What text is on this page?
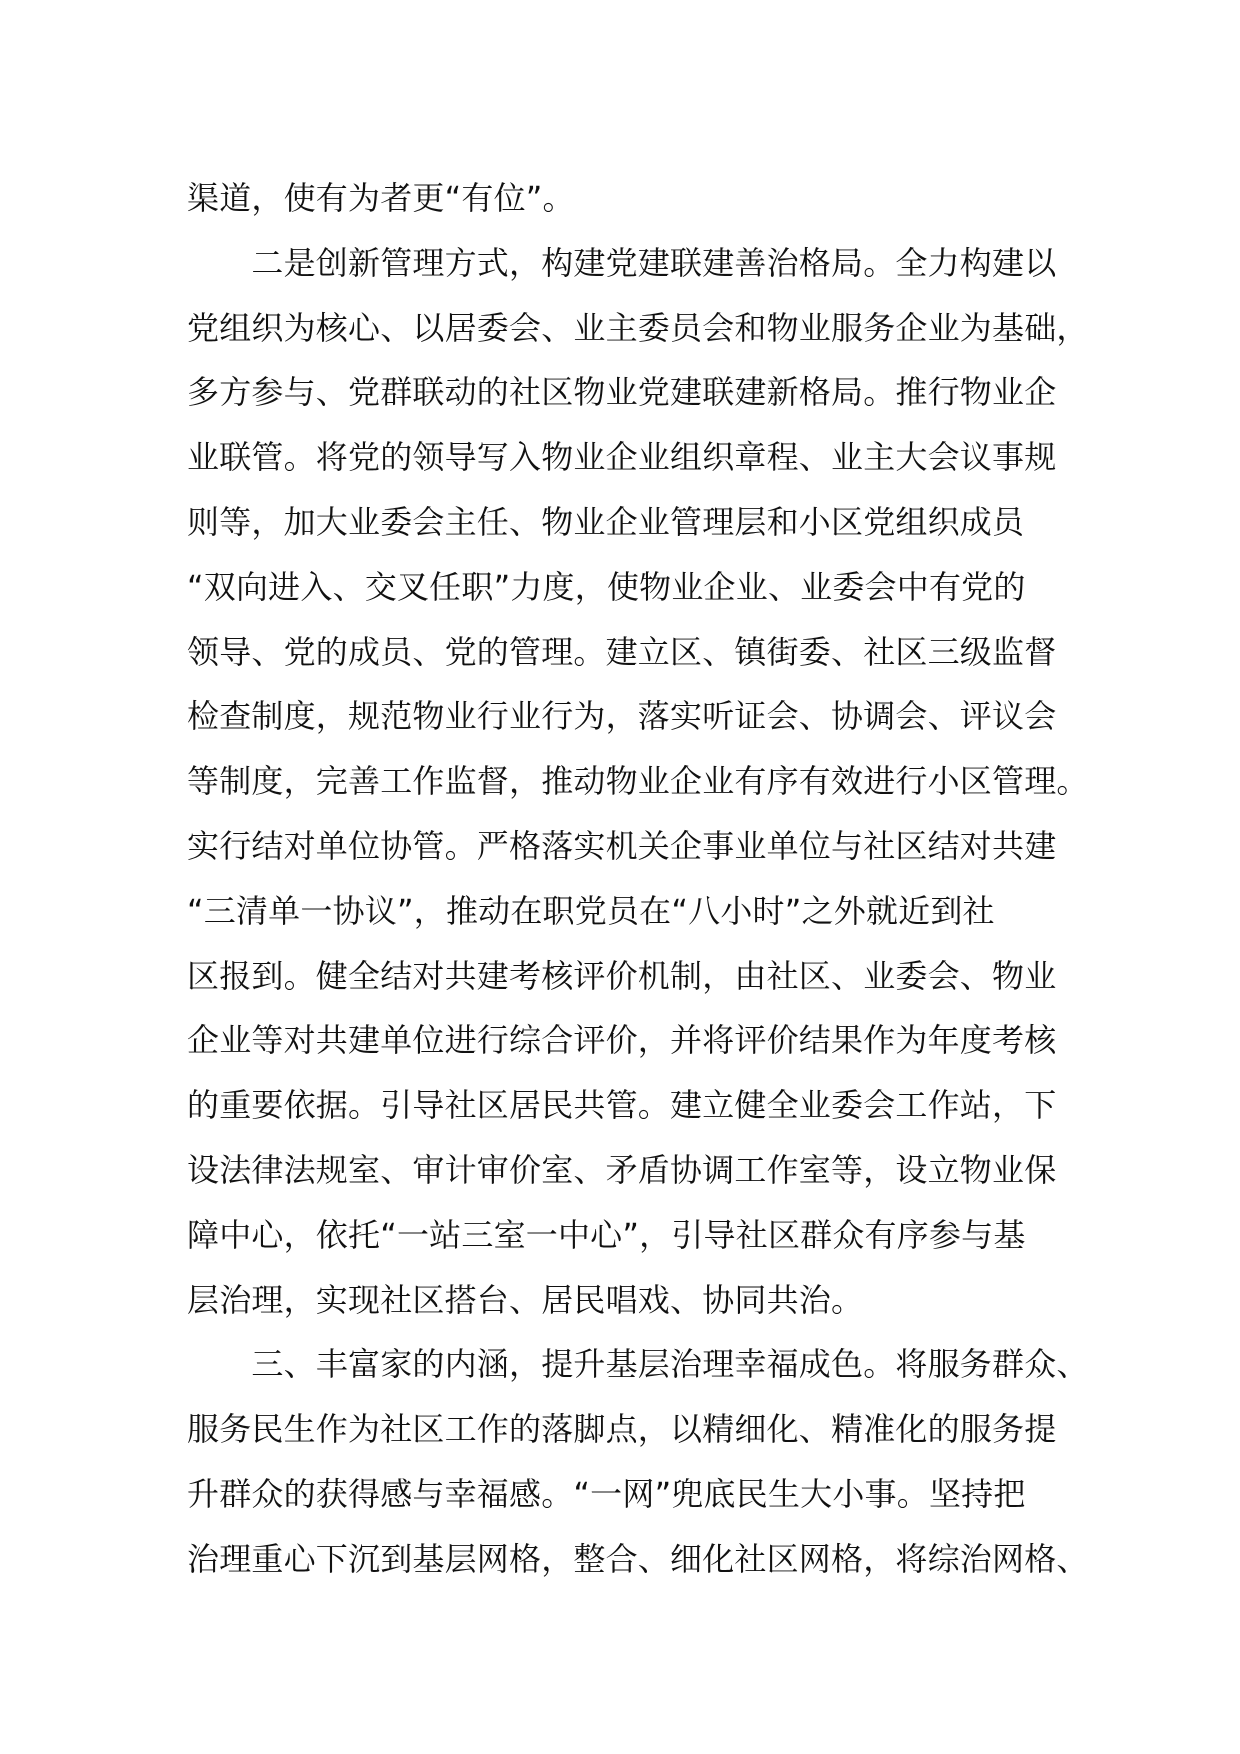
渠道，使有为者更“有位”。
　　二是创新管理方式，构建党建联建善治格局。全力构建以
党组织为核心、以居委会、业主委员会和物业服务企业为基础，
多方参与、党群联动的社区物业党建联建新格局。推行物业企
业联管。将党的领导写入物业企业组织章程、业主大会议事规
则等，加大业委会主任、物业企业管理层和小区党组织成员
“双向进入、交叉任职”力度，使物业企业、业委会中有党的
领导、党的成员、党的管理。建立区、镇街委、社区三级监督
检查制度，规范物业行业行为，落实听证会、协调会、评议会
等制度，完善工作监督，推动物业企业有序有效进行小区管理。
实行结对单位协管。严格落实机关企事业单位与社区结对共建
“三清单一协议”，推动在职党员在“八小时”之外就近到社
区报到。健全结对共建考核评价机制，由社区、业委会、物业
企业等对共建单位进行综合评价，并将评价结果作为年度考核
的重要依据。引导社区居民共管。建立健全业委会工作站，下
设法律法规室、审计审价室、矛盾协调工作室等，设立物业保
障中心，依托“一站三室一中心”，引导社区群众有序参与基
层治理，实现社区搭台、居民唱戏、协同共治。
　　三、丰富家的内涵，提升基层治理幸福成色。将服务群众、
服务民生作为社区工作的落脚点，以精细化、精准化的服务提
升群众的获得感与幸福感。“一网”兜底民生大小事。坚持把
治理重心下沉到基层网格，整合、细化社区网格，将综治网格、
